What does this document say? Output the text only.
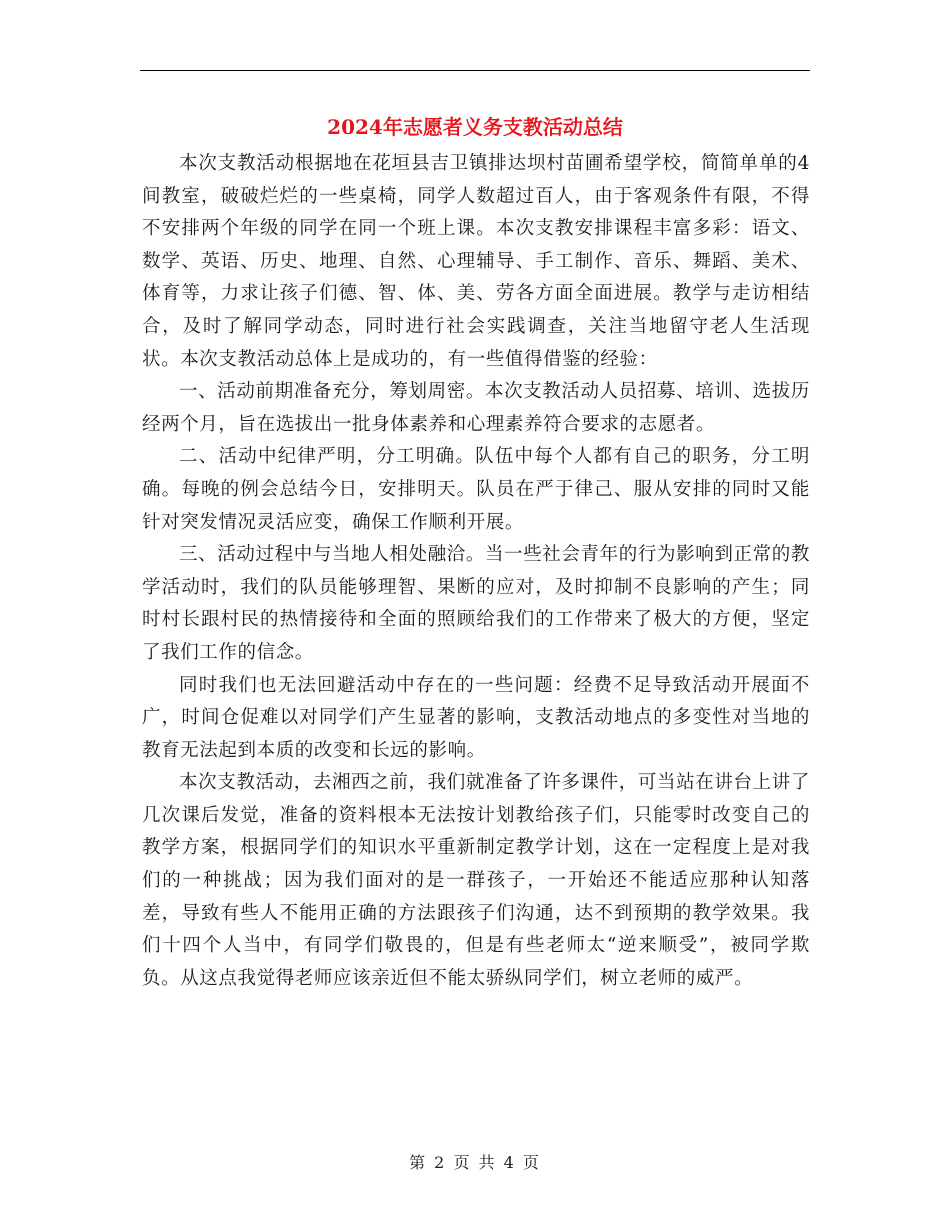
2024年志愿者义务支教活动总结

本次支教活动根据地在花垣县吉卫镇排达坝村苗圃希望学校，简简单单的4间教室，破破烂烂的一些桌椅，同学人数超过百人，由于客观条件有限，不得不安排两个年级的同学在同一个班上课。本次支教安排课程丰富多彩：语文、数学、英语、历史、地理、自然、心理辅导、手工制作、音乐、舞蹈、美术、体育等，力求让孩子们德、智、体、美、劳各方面全面进展。教学与走访相结合，及时了解同学动态，同时进行社会实践调查，关注当地留守老人生活现状。本次支教活动总体上是成功的，有一些值得借鉴的经验：

一、活动前期准备充分，筹划周密。本次支教活动人员招募、培训、选拔历经两个月，旨在选拔出一批身体素养和心理素养符合要求的志愿者。

二、活动中纪律严明，分工明确。队伍中每个人都有自己的职务，分工明确。每晚的例会总结今日，安排明天。队员在严于律己、服从安排的同时又能针对突发情况灵活应变，确保工作顺利开展。

三、活动过程中与当地人相处融洽。当一些社会青年的行为影响到正常的教学活动时，我们的队员能够理智、果断的应对，及时抑制不良影响的产生；同时村长跟村民的热情接待和全面的照顾给我们的工作带来了极大的方便，坚定了我们工作的信念。

同时我们也无法回避活动中存在的一些问题：经费不足导致活动开展面不广，时间仓促难以对同学们产生显著的影响，支教活动地点的多变性对当地的教育无法起到本质的改变和长远的影响。

本次支教活动，去湘西之前，我们就准备了许多课件，可当站在讲台上讲了几次课后发觉，准备的资料根本无法按计划教给孩子们，只能零时改变自己的教学方案，根据同学们的知识水平重新制定教学计划，这在一定程度上是对我们的一种挑战；因为我们面对的是一群孩子，一开始还不能适应那种认知落差，导致有些人不能用正确的方法跟孩子们沟通，达不到预期的教学效果。我们十四个人当中，有同学们敬畏的，但是有些老师太“逆来顺受”，被同学欺负。从这点我觉得老师应该亲近但不能太骄纵同学们，树立老师的威严。

第 2 页 共 4 页
